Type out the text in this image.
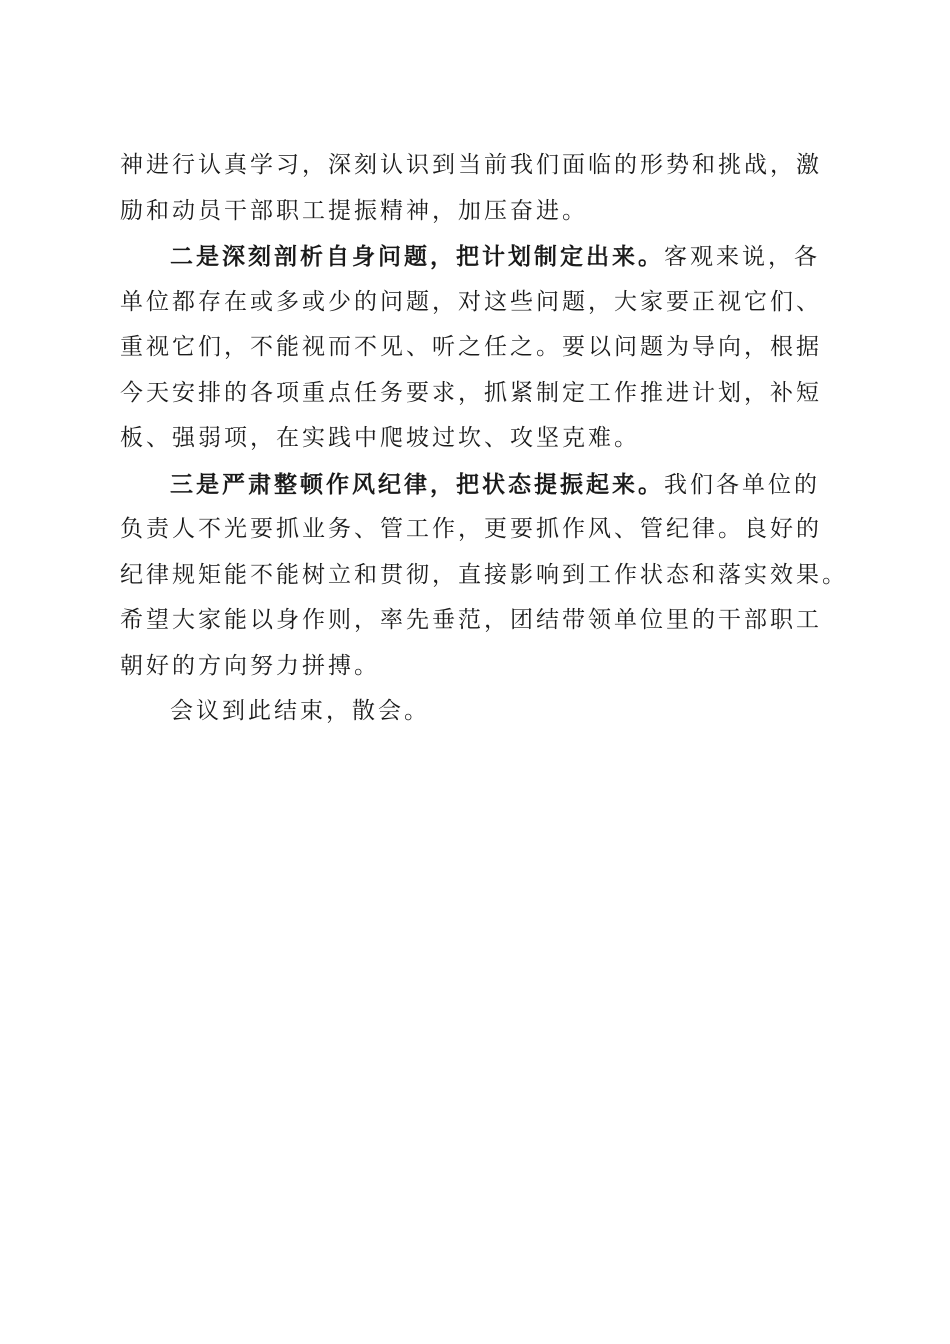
神进行认真学习，深刻认识到当前我们面临的形势和挑战，激
励和动员干部职工提振精神，加压奋进。
二是深刻剖析自身问题，把计划制定出来。客观来说，各
单位都存在或多或少的问题，对这些问题，大家要正视它们、
重视它们，不能视而不见、听之任之。要以问题为导向，根据
今天安排的各项重点任务要求，抓紧制定工作推进计划，补短
板、强弱项，在实践中爬坡过坎、攻坚克难。
三是严肃整顿作风纪律，把状态提振起来。我们各单位的
负责人不光要抓业务、管工作，更要抓作风、管纪律。良好的
纪律规矩能不能树立和贯彻，直接影响到工作状态和落实效果。
希望大家能以身作则，率先垂范，团结带领单位里的干部职工
朝好的方向努力拼搏。
会议到此结束，散会。
